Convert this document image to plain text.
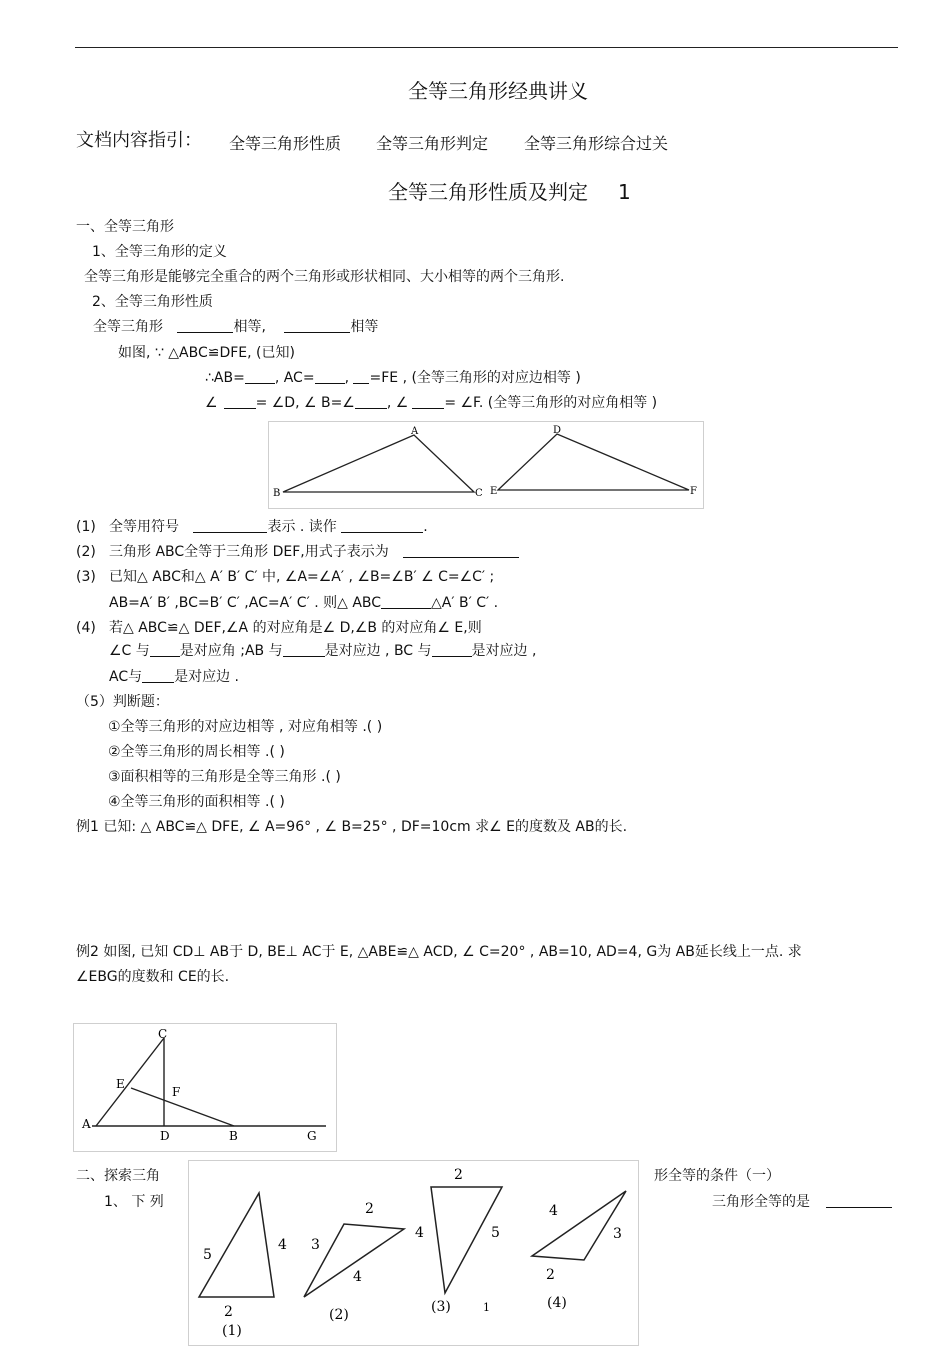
全等三角形经典讲义
文档内容指引： 全等三角形性质 全等三角形判定 全等三角形综合过关
全等三角形性质及判定 1
一、全等三角形
1、全等三角形的定义
全等三角形是能够完全重合的两个三角形或形状相同、大小相等的两个三角形.
2、全等三角形性质
全等三角形	相等,	相等
如图, ∵ △ABC≌DFE, (已知)
∴AB= , AC= , =FE , (全等三角形的对应边相等 )
∠	= ∠D, ∠ B=∠ , ∠	= ∠F. (全等三角形的对应角相等 )
A
B	C
D
E	F
(1) 全等用符号	表示 . 读作	.
(2) 三角形 ABC全等于三角形 DEF,用式子表示为
(3) 已知△ ABC和△ A′ B′ C′ 中, ∠A=∠A′ , ∠B=∠B′ ∠ C=∠C′ ;
AB=A′ B′ ,BC=B′ C′ ,AC=A′ C′ . 则△ ABC	△A′ B′ C′ .
(4) 若△ ABC≌△ DEF,∠A 的对应角是∠ D,∠B 的对应角∠ E,则
∠C 与 是对应角 ;AB 与	是对应边 , BC 与	是对应边 ,
AC与 是对应边 .
（5）判断题：
①全等三角形的对应边相等 , 对应角相等 .( )
②全等三角形的周长相等 .( )
③面积相等的三角形是全等三角形 .( )
④全等三角形的面积相等 .( )
例1 已知: △ ABC≌△ DFE, ∠ A=96° , ∠ B=25° , DF=10cm 求∠ E的度数及 AB的长.
例2 如图, 已知 CD⊥ AB于 D, BE⊥ AC于 E, △ABE≌△ ACD, ∠ C=20° , AB=10, AD=4, G为 AB延长线上一点. 求
∠EBG的度数和 CE的长.
C
E
F
A
D	B	G
二、探索三角	形全等的条件（一）
1、 下 列	三角形全等的是
5
4
2
(1)
2
3
4
(2)
2
4	5
(3)
4
3
2
(4)
1
